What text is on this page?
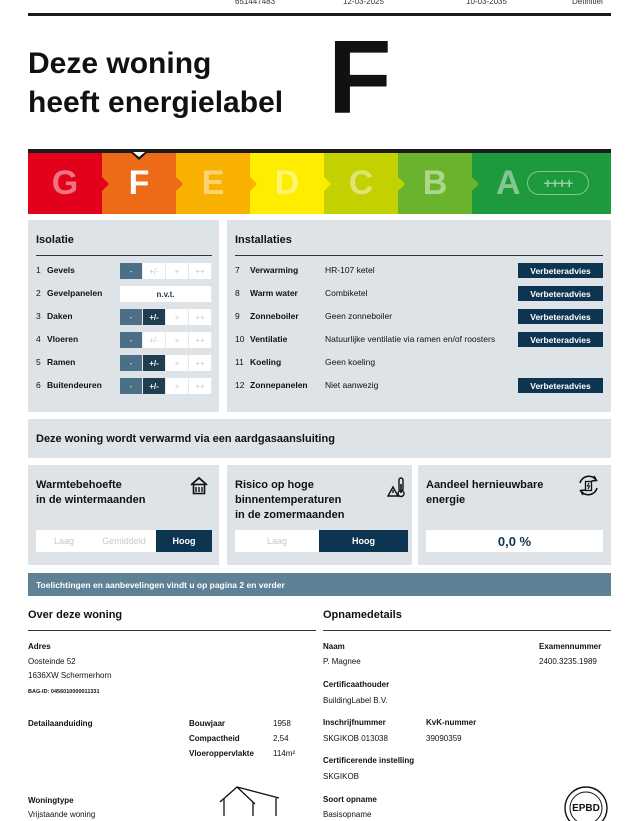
651447483	12-03-2025	10-03-2035	Definitief
Deze woning
heeft energielabel F
G F E D C B A	++++
Isolatie
1 Gevels	-	+/-	+	++
2 Gevelpanelen	n.v.t.
3 Daken	-	+/-	+	++
4 Vloeren	-	+/-	+	++
5 Ramen	-	+/-	+	++
6 Buitendeuren	-	+/-	+	++
Installaties
7	Verwarming	HR-107 ketel	Verbeteradvies
8	Warm water	Combiketel	Verbeteradvies
9	Zonneboiler	Geen zonneboiler	Verbeteradvies
10 Ventilatie	Natuurlijke ventilatie via ramen en/of roosters	Verbeteradvies
11 Koeling	Geen koeling
12 Zonnepanelen	Niet aanwezig	Verbeteradvies
Deze woning wordt verwarmd via een aardgasaansluiting
Warmtebehoefte
in de wintermaanden
Laag	Gemiddeld	Hoog
Risico op hoge
binnentemperaturen
in de zomermaanden
Laag	Hoog
Aandeel hernieuwbare
energie
0,0 %
Toelichtingen en aanbevelingen vindt u op pagina 2 en verder
Over deze woning
Adres
Oosteinde 52
1636XW Schermerhorn
BAG-ID: 0456010000011331
Detailaanduiding	Bouwjaar	1958
Compactheid	2,54
Vloeroppervlakte 114m²
Woningtype
Vrijstaande woning
Opnamedetails
Naam
P. Magnee
Examennummer
2400.3235.1989
Certificaathouder
BuildingLabel B.V.
Inschrijfnummer
SKGIKOB 013038
KvK-nummer
39090359
Certificerende instelling
SKGIKOB
Soort opname
Basisopname
EPBD
